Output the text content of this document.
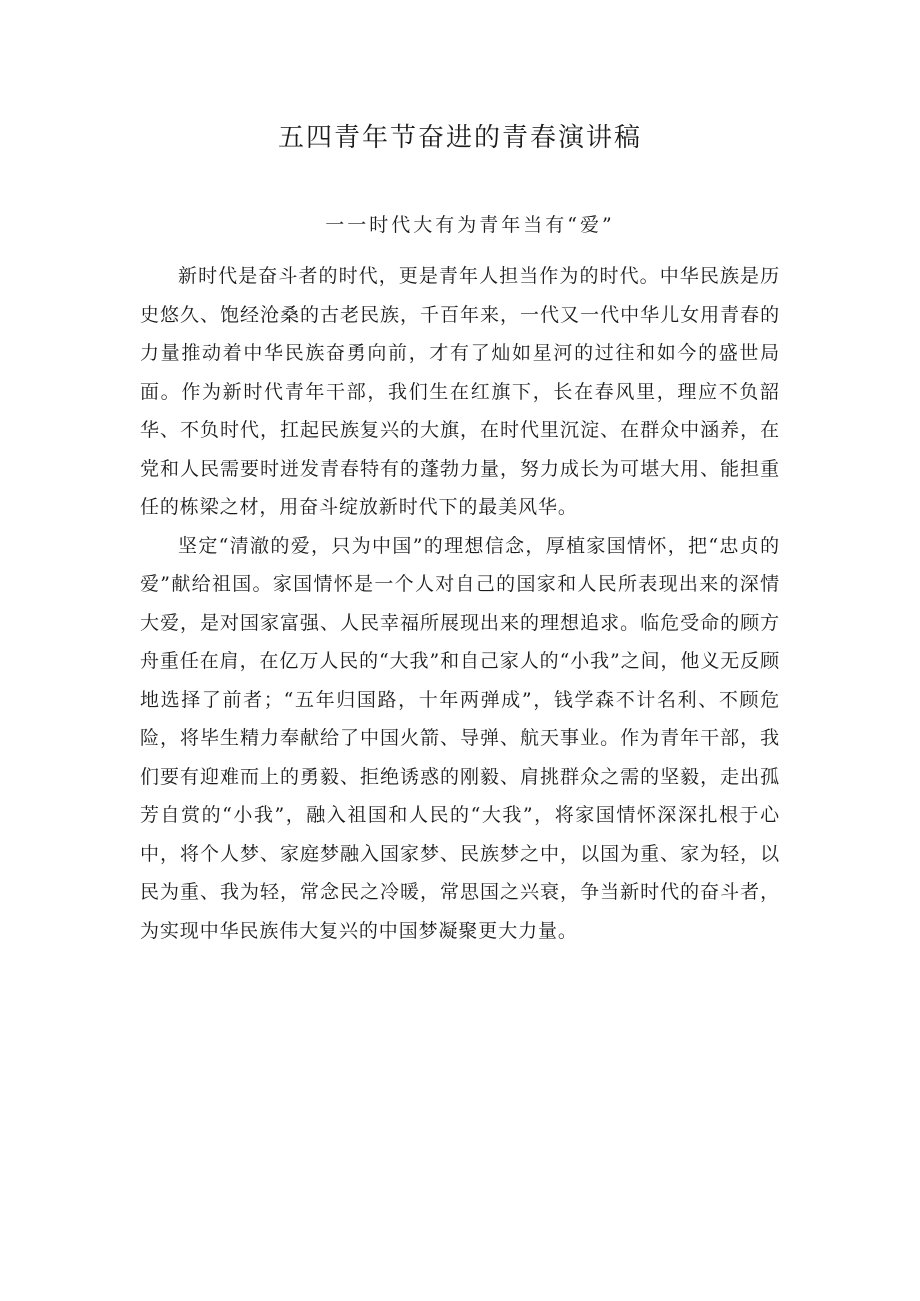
五四青年节奋进的青春演讲稿
一一时代大有为青年当有“爱”

新时代是奋斗者的时代，更是青年人担当作为的时代。中华民族是历史悠久、饱经沧桑的古老民族，千百年来，一代又一代中华儿女用青春的力量推动着中华民族奋勇向前，才有了灿如星河的过往和如今的盛世局面。作为新时代青年干部，我们生在红旗下，长在春风里，理应不负韶华、不负时代，扛起民族复兴的大旗，在时代里沉淀、在群众中涵养，在党和人民需要时迸发青春特有的蓬勃力量，努力成长为可堪大用、能担重任的栋梁之材，用奋斗绽放新时代下的最美风华。

坚定“清澈的爱，只为中国”的理想信念，厚植家国情怀，把“忠贞的爱”献给祖国。家国情怀是一个人对自己的国家和人民所表现出来的深情大爱，是对国家富强、人民幸福所展现出来的理想追求。临危受命的顾方舟重任在肩，在亿万人民的“大我”和自己家人的“小我”之间，他义无反顾地选择了前者；“五年归国路，十年两弹成”，钱学森不计名利、不顾危险，将毕生精力奉献给了中国火箭、导弹、航天事业。作为青年干部，我们要有迎难而上的勇毅、拒绝诱惑的刚毅、肩挑群众之需的坚毅，走出孤芳自赏的“小我”，融入祖国和人民的“大我”，将家国情怀深深扎根于心中，将个人梦、家庭梦融入国家梦、民族梦之中，以国为重、家为轻，以民为重、我为轻，常念民之冷暖，常思国之兴衰，争当新时代的奋斗者，为实现中华民族伟大复兴的中国梦凝聚更大力量。
